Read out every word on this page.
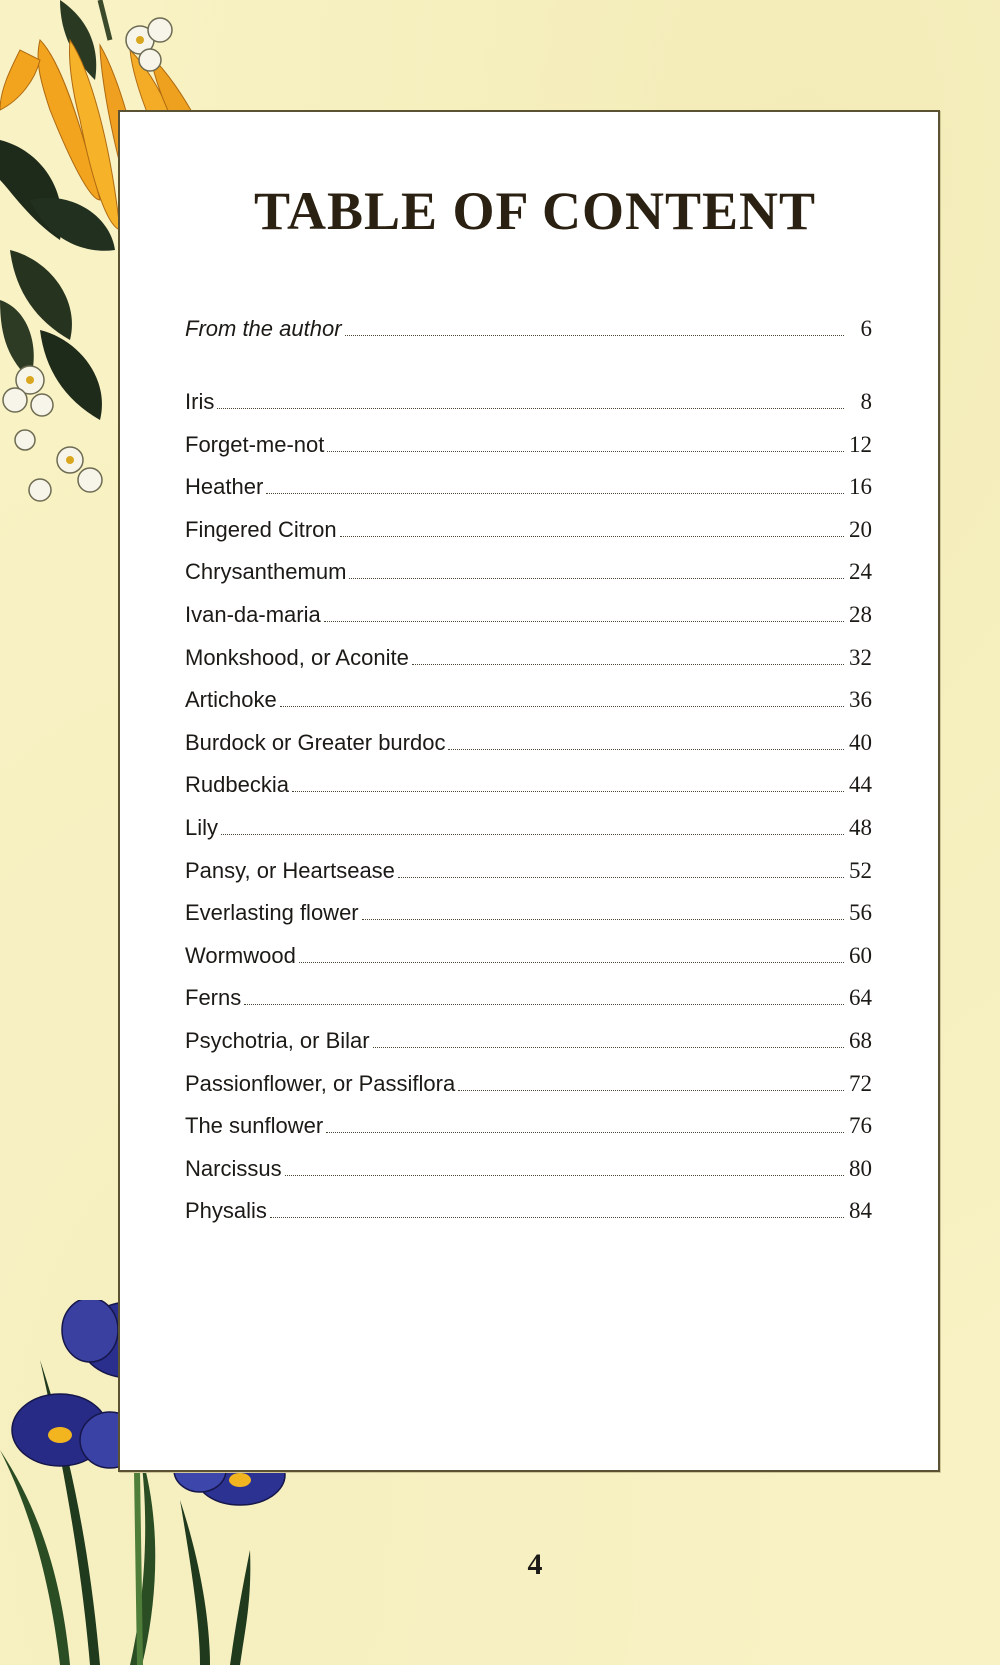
TABLE OF CONTENT
From the author	6
Iris	8
Forget-me-not	12
Heather	16
Fingered Citron	20
Chrysanthemum	24
Ivan-da-maria	28
Monkshood, or Aconite	32
Artichoke	36
Burdock or Greater burdoc	40
Rudbeckia	44
Lily	48
Pansy, or Heartsease	52
Everlasting flower	56
Wormwood	60
Ferns	64
Psychotria, or Bilar	68
Passionflower, or Passiflora	72
The sunflower	76
Narcissus	80
Physalis	84
4
